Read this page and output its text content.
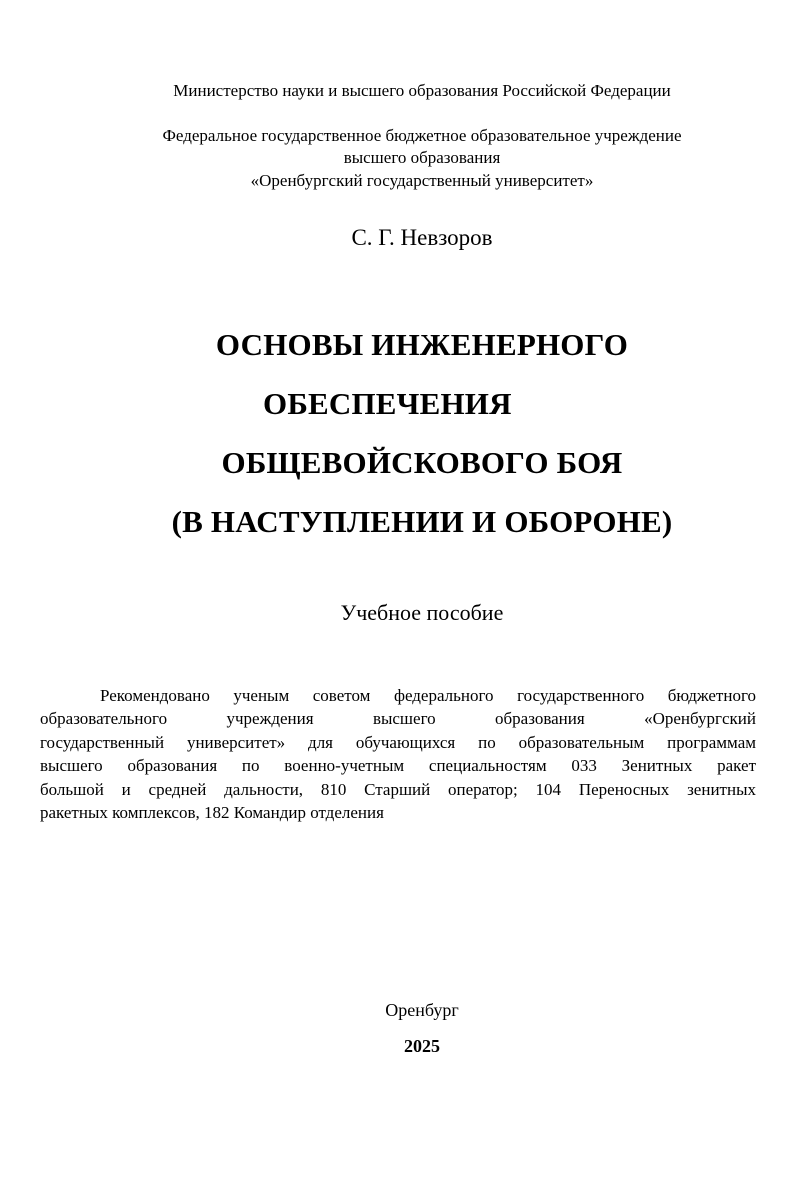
Министерство науки и высшего образования Российской Федерации
Федеральное государственное бюджетное образовательное учреждение
высшего образования
«Оренбургский государственный университет»
С. Г. Невзоров
ОСНОВЫ ИНЖЕНЕРНОГО
ОБЕСПЕЧЕНИЯ
ОБЩЕВОЙСКОВОГО БОЯ
(В НАСТУПЛЕНИИ И ОБОРОНЕ)
Учебное пособие
Рекомендовано ученым советом федерального государственного бюджетного
образовательного учреждения высшего образования «Оренбургский
государственный университет» для обучающихся по образовательным программам
высшего образования по военно-учетным специальностям 033 Зенитных ракет
большой и средней дальности, 810 Старший оператор; 104 Переносных зенитных
ракетных комплексов, 182 Командир отделения
Оренбург
2025
